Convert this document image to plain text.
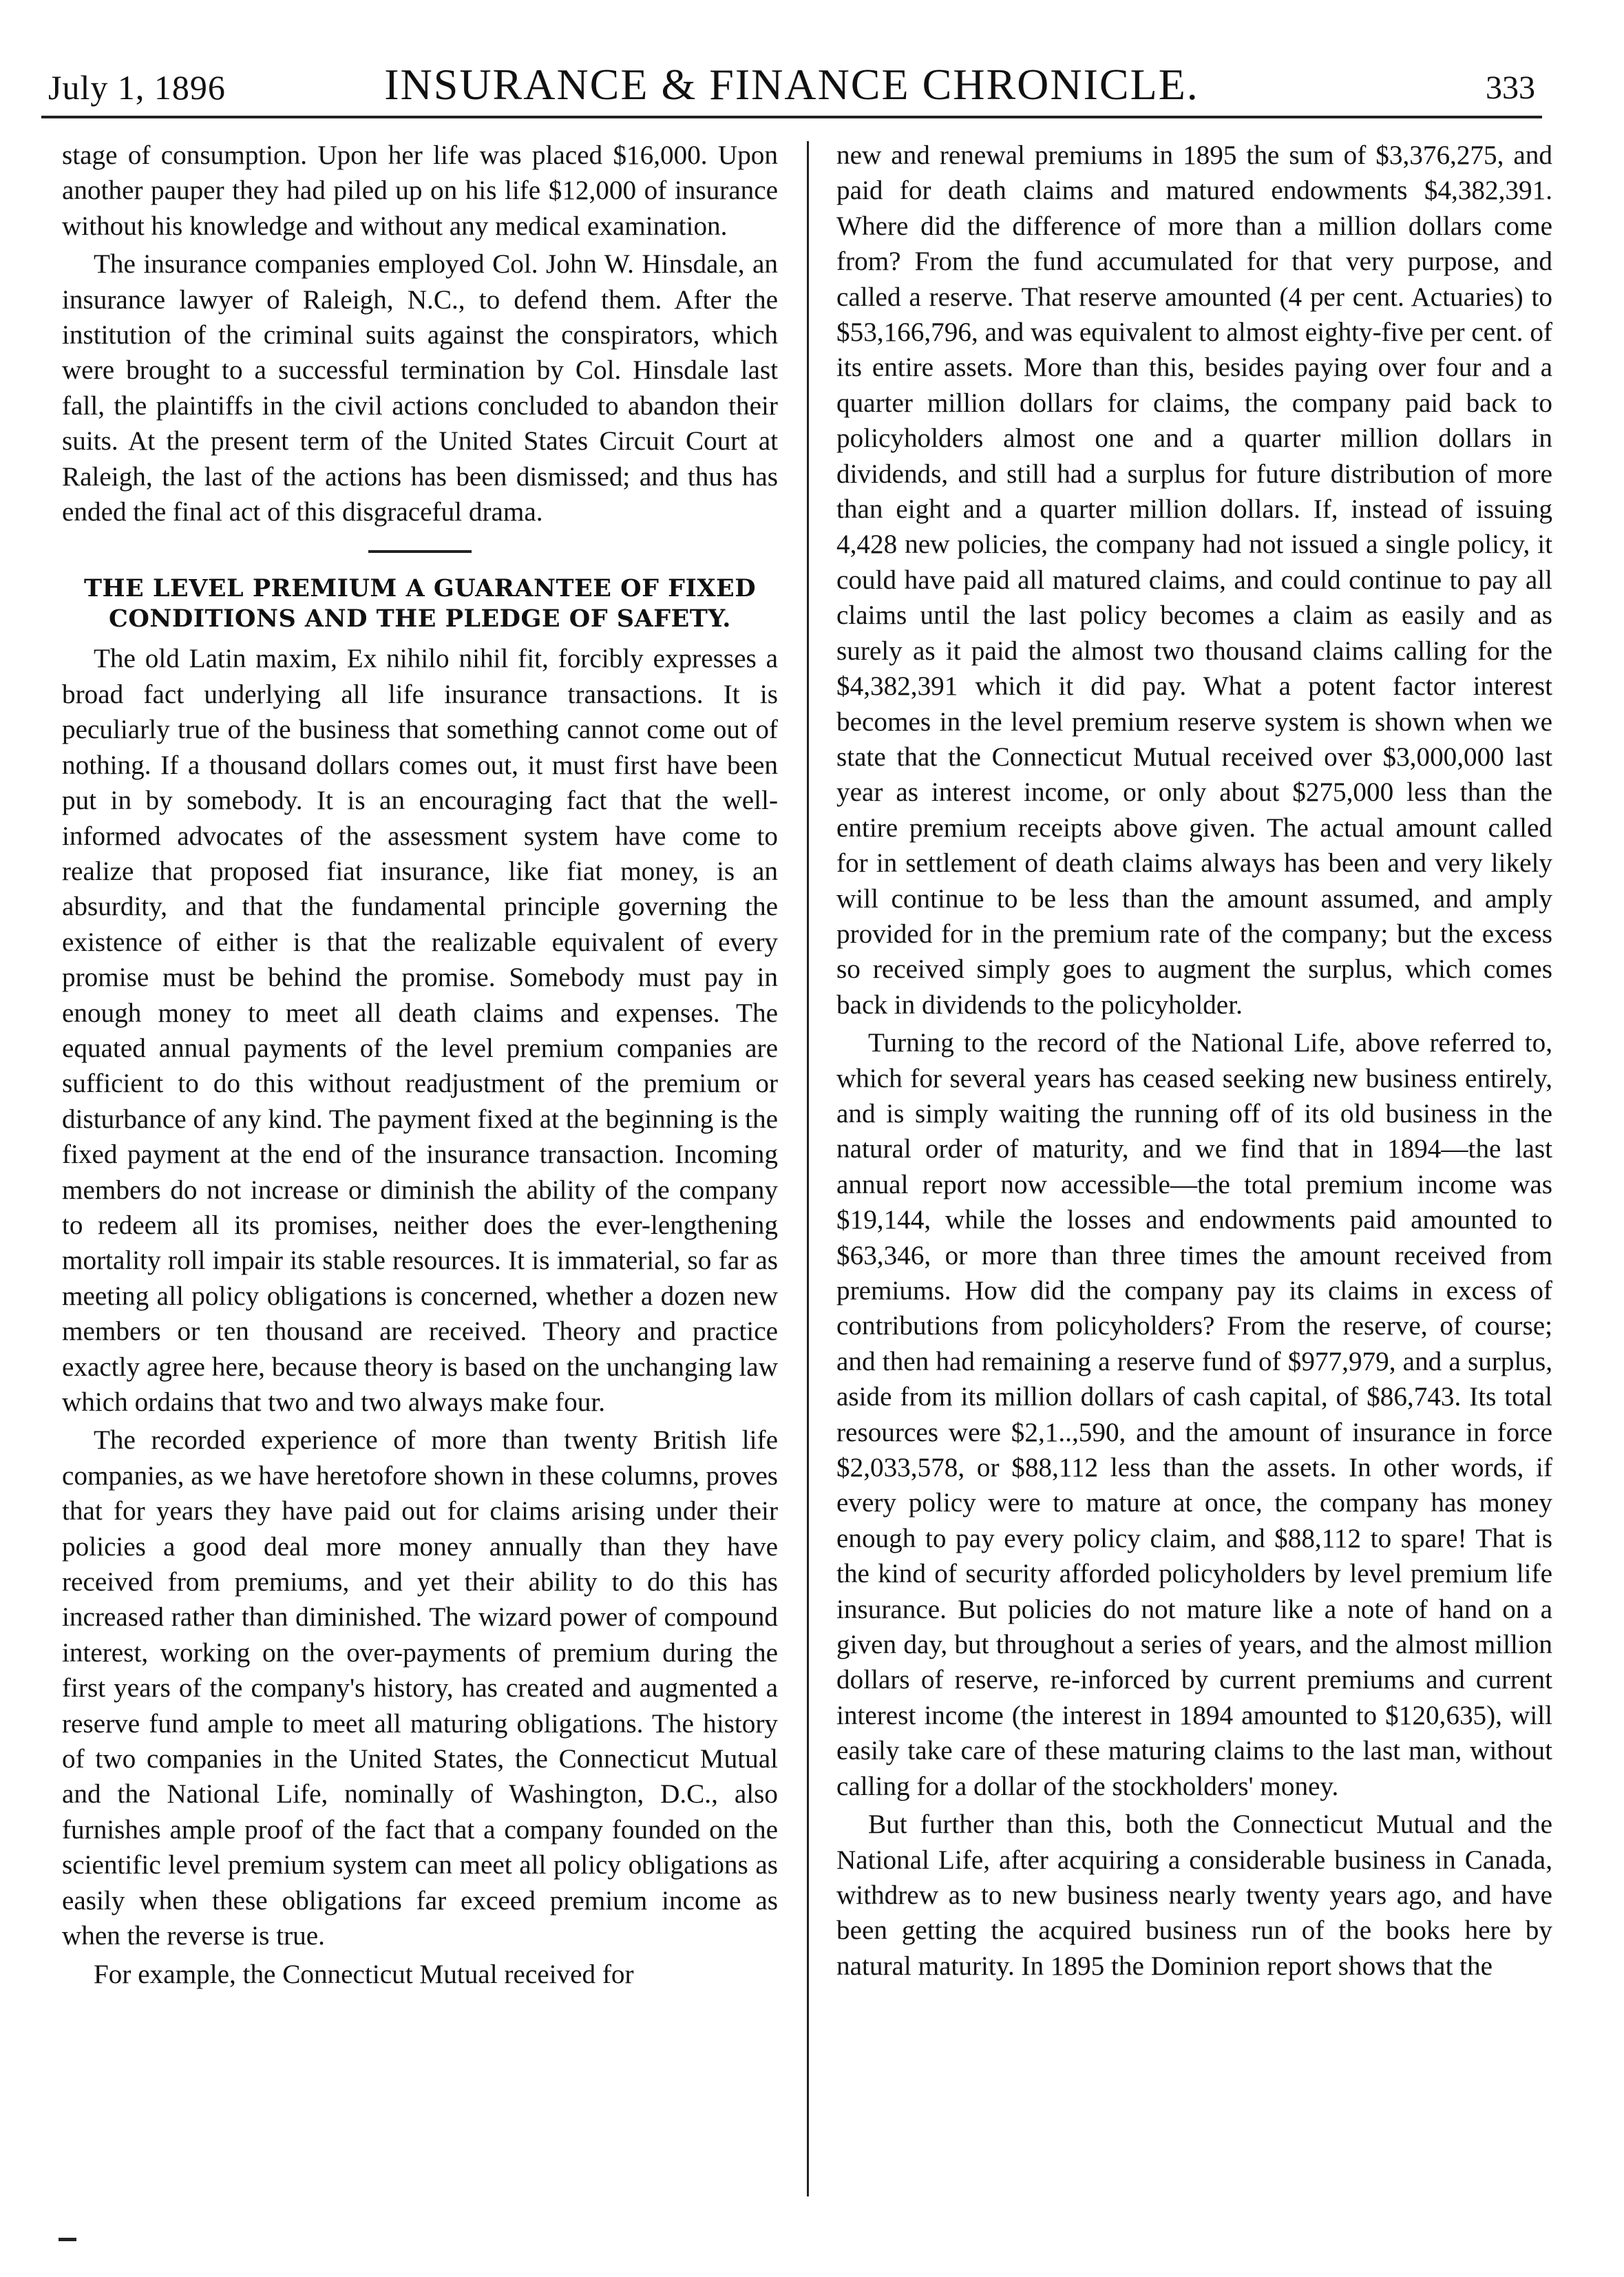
July 1, 1896	INSURANCE & FINANCE CHRONICLE.	333

stage of consumption. Upon her life was placed $16,000. Upon another pauper they had piled up on his life $12,000 of insurance without his knowledge and without any medical examination.

The insurance companies employed Col. John W. Hinsdale, an insurance lawyer of Raleigh, N.C., to defend them. After the institution of the criminal suits against the conspirators, which were brought to a successful termination by Col. Hinsdale last fall, the plaintiffs in the civil actions concluded to abandon their suits. At the present term of the United States Circuit Court at Raleigh, the last of the actions has been dismissed; and thus has ended the final act of this disgraceful drama.

THE LEVEL PREMIUM A GUARANTEE OF FIXED CONDITIONS AND THE PLEDGE OF SAFETY.

The old Latin maxim, Ex nihilo nihil fit, forcibly expresses a broad fact underlying all life insurance transactions. It is peculiarly true of the business that something cannot come out of nothing. If a thousand dollars comes out, it must first have been put in by somebody. It is an encouraging fact that the well-informed advocates of the assessment system have come to realize that proposed fiat insurance, like fiat money, is an absurdity, and that the fundamental principle governing the existence of either is that the realizable equivalent of every promise must be behind the promise. Somebody must pay in enough money to meet all death claims and expenses. The equated annual payments of the level premium companies are sufficient to do this without readjustment of the premium or disturbance of any kind. The payment fixed at the beginning is the fixed payment at the end of the insurance transaction. Incoming members do not increase or diminish the ability of the company to redeem all its promises, neither does the ever-lengthening mortality roll impair its stable resources. It is immaterial, so far as meeting all policy obligations is concerned, whether a dozen new members or ten thousand are received. Theory and practice exactly agree here, because theory is based on the unchanging law which ordains that two and two always make four.

The recorded experience of more than twenty British life companies, as we have heretofore shown in these columns, proves that for years they have paid out for claims arising under their policies a good deal more money annually than they have received from premiums, and yet their ability to do this has increased rather than diminished. The wizard power of compound interest, working on the over-payments of premium during the first years of the company's history, has created and augmented a reserve fund ample to meet all maturing obligations. The history of two companies in the United States, the Connecticut Mutual and the National Life, nominally of Washington, D.C., also furnishes ample proof of the fact that a company founded on the scientific level premium system can meet all policy obligations as easily when these obligations far exceed premium income as when the reverse is true.

For example, the Connecticut Mutual received for

new and renewal premiums in 1895 the sum of $3,376,275, and paid for death claims and matured endowments $4,382,391. Where did the difference of more than a million dollars come from? From the fund accumulated for that very purpose, and called a reserve. That reserve amounted (4 per cent. Actuaries) to $53,166,796, and was equivalent to almost eighty-five per cent. of its entire assets. More than this, besides paying over four and a quarter million dollars for claims, the company paid back to policyholders almost one and a quarter million dollars in dividends, and still had a surplus for future distribution of more than eight and a quarter million dollars. If, instead of issuing 4,428 new policies, the company had not issued a single policy, it could have paid all matured claims, and could continue to pay all claims until the last policy becomes a claim as easily and as surely as it paid the almost two thousand claims calling for the $4,382,391 which it did pay. What a potent factor interest becomes in the level premium reserve system is shown when we state that the Connecticut Mutual received over $3,000,000 last year as interest income, or only about $275,000 less than the entire premium receipts above given. The actual amount called for in settlement of death claims always has been and very likely will continue to be less than the amount assumed, and amply provided for in the premium rate of the company; but the excess so received simply goes to augment the surplus, which comes back in dividends to the policyholder.

Turning to the record of the National Life, above referred to, which for several years has ceased seeking new business entirely, and is simply waiting the running off of its old business in the natural order of maturity, and we find that in 1894—the last annual report now accessible—the total premium income was $19,144, while the losses and endowments paid amounted to $63,346, or more than three times the amount received from premiums. How did the company pay its claims in excess of contributions from policyholders? From the reserve, of course; and then had remaining a reserve fund of $977,979, and a surplus, aside from its million dollars of cash capital, of $86,743. Its total resources were $2,1..,590, and the amount of insurance in force $2,033,578, or $88,112 less than the assets. In other words, if every policy were to mature at once, the company has money enough to pay every policy claim, and $88,112 to spare! That is the kind of security afforded policyholders by level premium life insurance. But policies do not mature like a note of hand on a given day, but throughout a series of years, and the almost million dollars of reserve, re-inforced by current premiums and current interest income (the interest in 1894 amounted to $120,635), will easily take care of these maturing claims to the last man, without calling for a dollar of the stockholders' money.

But further than this, both the Connecticut Mutual and the National Life, after acquiring a considerable business in Canada, withdrew as to new business nearly twenty years ago, and have been getting the acquired business run of the books here by natural maturity. In 1895 the Dominion report shows that the
